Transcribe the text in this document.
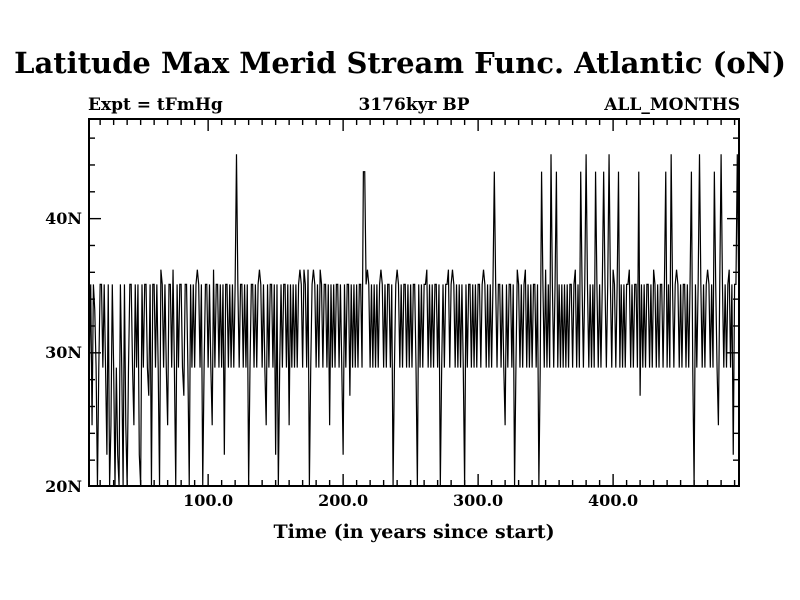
Latitude Max Merid Stream Func. Atlantic (oN)
Expt = tFmHg	3176kyr BP	ALL_MONTHS
20N
30N
40N
100.0	200.0	300.0	400.0
Time (in years since start)
